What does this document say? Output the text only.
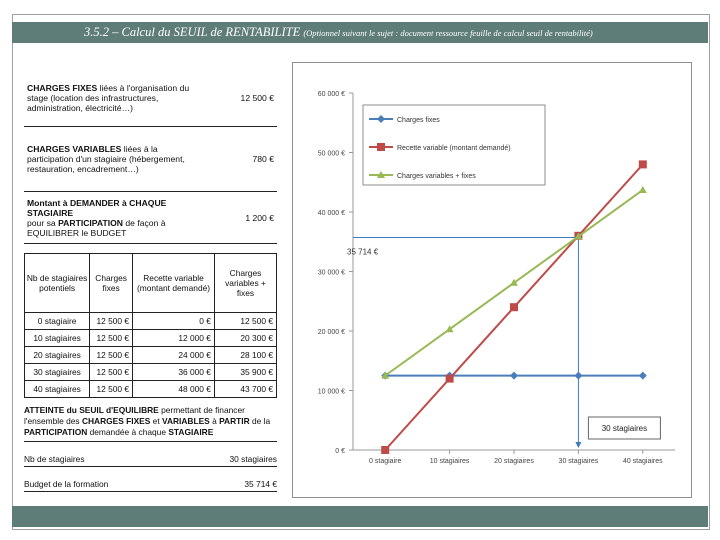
3.5.2 – Calcul du SEUIL de RENTABILITE (Optionnel suivant le sujet : document ressource feuille de calcul seuil de rentabilité)
CHARGES FIXES liées à l'organisation du stage (location des infrastructures, administration, électricité…)	12 500 €
CHARGES VARIABLES liées à la participation d'un stagiaire (hébergement, restauration, encadrement…)	780 €
Montant à DEMANDER à CHAQUE STAGIAIRE
pour sa PARTICIPATION de façon à EQUILIBRER le BUDGET	1 200 €
Nb de stagiaires potentiels	Charges fixes	Recette variable (montant demandé)	Charges variables + fixes
0 stagiaire	12 500 €	0 €	12 500 €
10 stagiaires	12 500 €	12 000 €	20 300 €
20 stagiaires	12 500 €	24 000 €	28 100 €
30 stagiaires	12 500 €	36 000 €	35 900 €
40 stagiaires	12 500 €	48 000 €	43 700 €
ATTEINTE du SEUIL d'EQUILIBRE permettant de financer l'ensemble des CHARGES FIXES et VARIABLES à PARTIR de la PARTICIPATION demandée à chaque STAGIAIRE
Nb de stagiaires	30 stagiaires
Budget de la formation	35 714 €
0 €
10 000 €
20 000 €
30 000 €
40 000 €
50 000 €
60 000 €
0 stagiaire	10 stagiaires	20 stagiaires	30 stagiaires	40 stagiaires
35 714 €
30 stagiaires
Charges fixes
Recette variable (montant demandé)
Charges variables + fixes
